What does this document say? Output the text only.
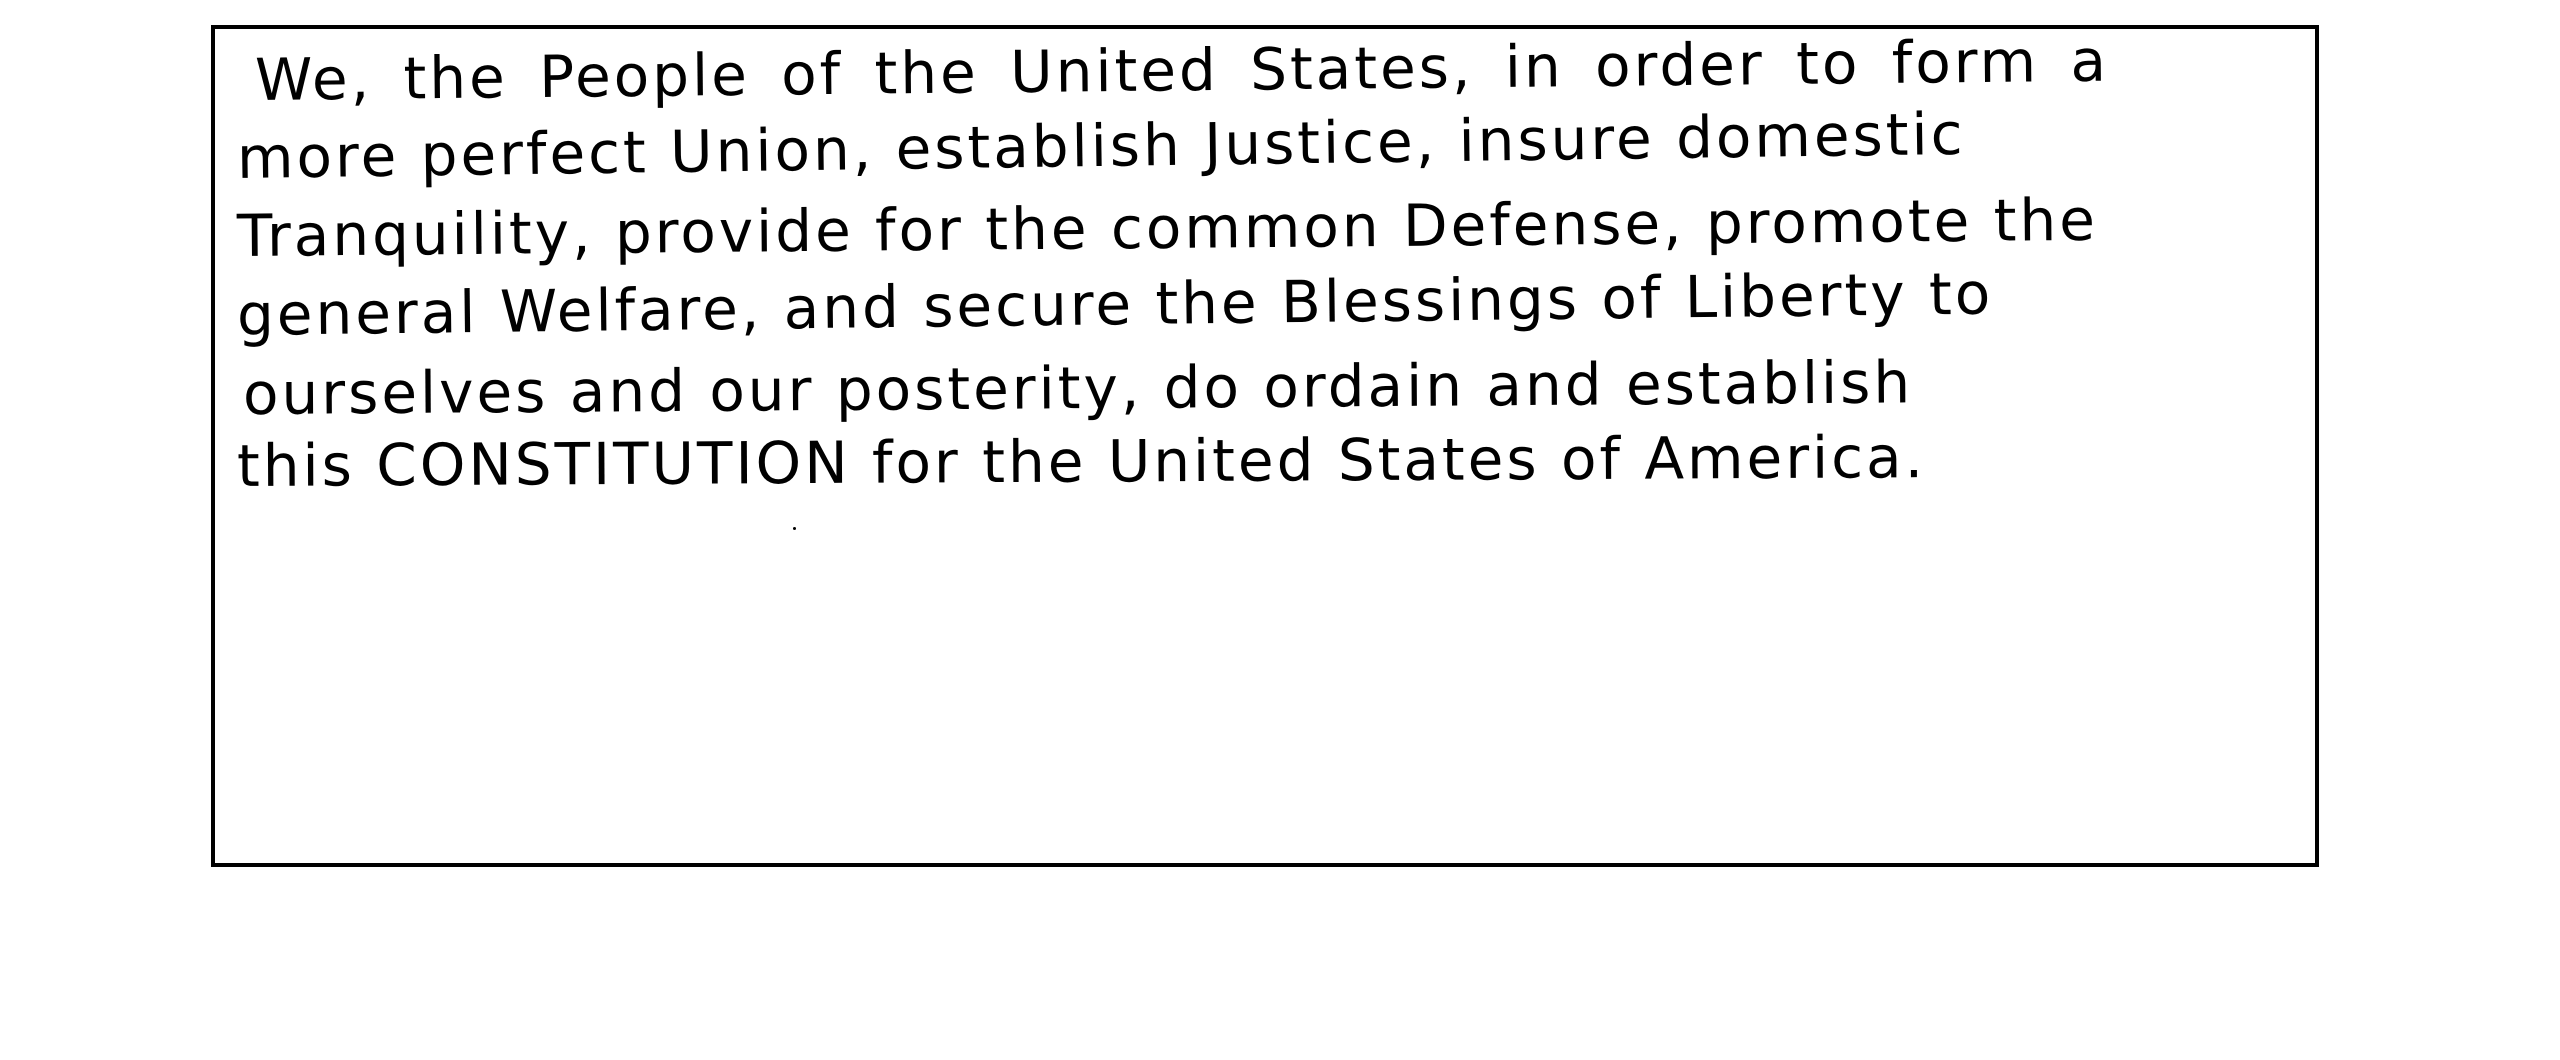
We, the People of the United States, in order to form a

more perfect Union, establish Justice, insure domestic

Tranquility, provide for the common Defense, promote the

general Welfare, and secure the Blessings of Liberty to

ourselves and our posterity, do ordain and establish

this CONSTITUTION for the United States of America.
